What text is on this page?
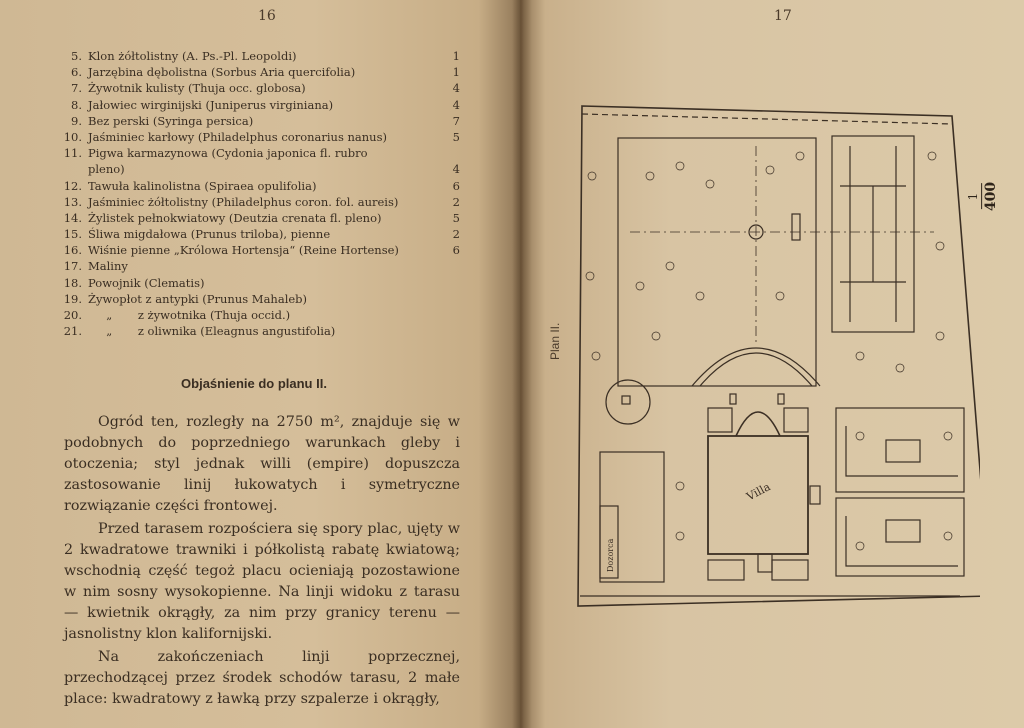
16
5. Klon żółtolistny (A. Ps.-Pl. Leopoldi)	1
6. Jarzębina dębolistna (Sorbus Aria quercifolia)	1
7. Żywotnik kulisty (Thuja occ. globosa)	4
8. Jałowiec wirginijski (Juniperus virginiana)	4
9. Bez perski (Syringa persica)	7
10. Jaśminiec karłowy (Philadelphus coronarius nanus)	5
11. Pigwa karmazynowa (Cydonia japonica fl. rubro
pleno)	4
12. Tawuła kalinolistna (Spiraea opulifolia)	6
13. Jaśminiec żółtolistny (Philadelphus coron. fol. aureis)	2
14. Żylistek pełnokwiatowy (Deutzia crenata fl. pleno)	5
15. Śliwa migdałowa (Prunus triloba), pienne	2
16. Wiśnie pienne „Królowa Hortensja“ (Reine Hortense)	6
17. Maliny
18. Powojnik (Clematis)
19. Żywopłot z antypki (Prunus Mahaleb)
20. „       z żywotnika (Thuja occid.)
21. „       z oliwnika (Eleagnus angustifolia)
Objaśnienie do planu II.

Ogród ten, rozległy na 2750 m², znajduje się w podobnych do poprzedniego warunkach gleby i otoczenia; styl jednak willi (empire) dopuszcza zastosowanie linij łukowatych i symetryczne rozwiązanie części frontowej.

Przed tarasem rozpościera się spory plac, ujęty w 2 kwadratowe trawniki i półkolistą rabatę kwiatową; wschodnią część tegoż placu ocieniają pozostawione w nim sosny wysokopienne. Na linji widoku z tarasu — kwietnik okrągły, za nim przy granicy terenu — jasnolistny klon kalifornijski.

Na zakończeniach linji poprzecznej, przechodzącej przez środek schodów tarasu, 2 małe place: kwadratowy z ławką przy szpalerze i okrągły,

17
Plan II.
1 400
Villa
Dozorca
